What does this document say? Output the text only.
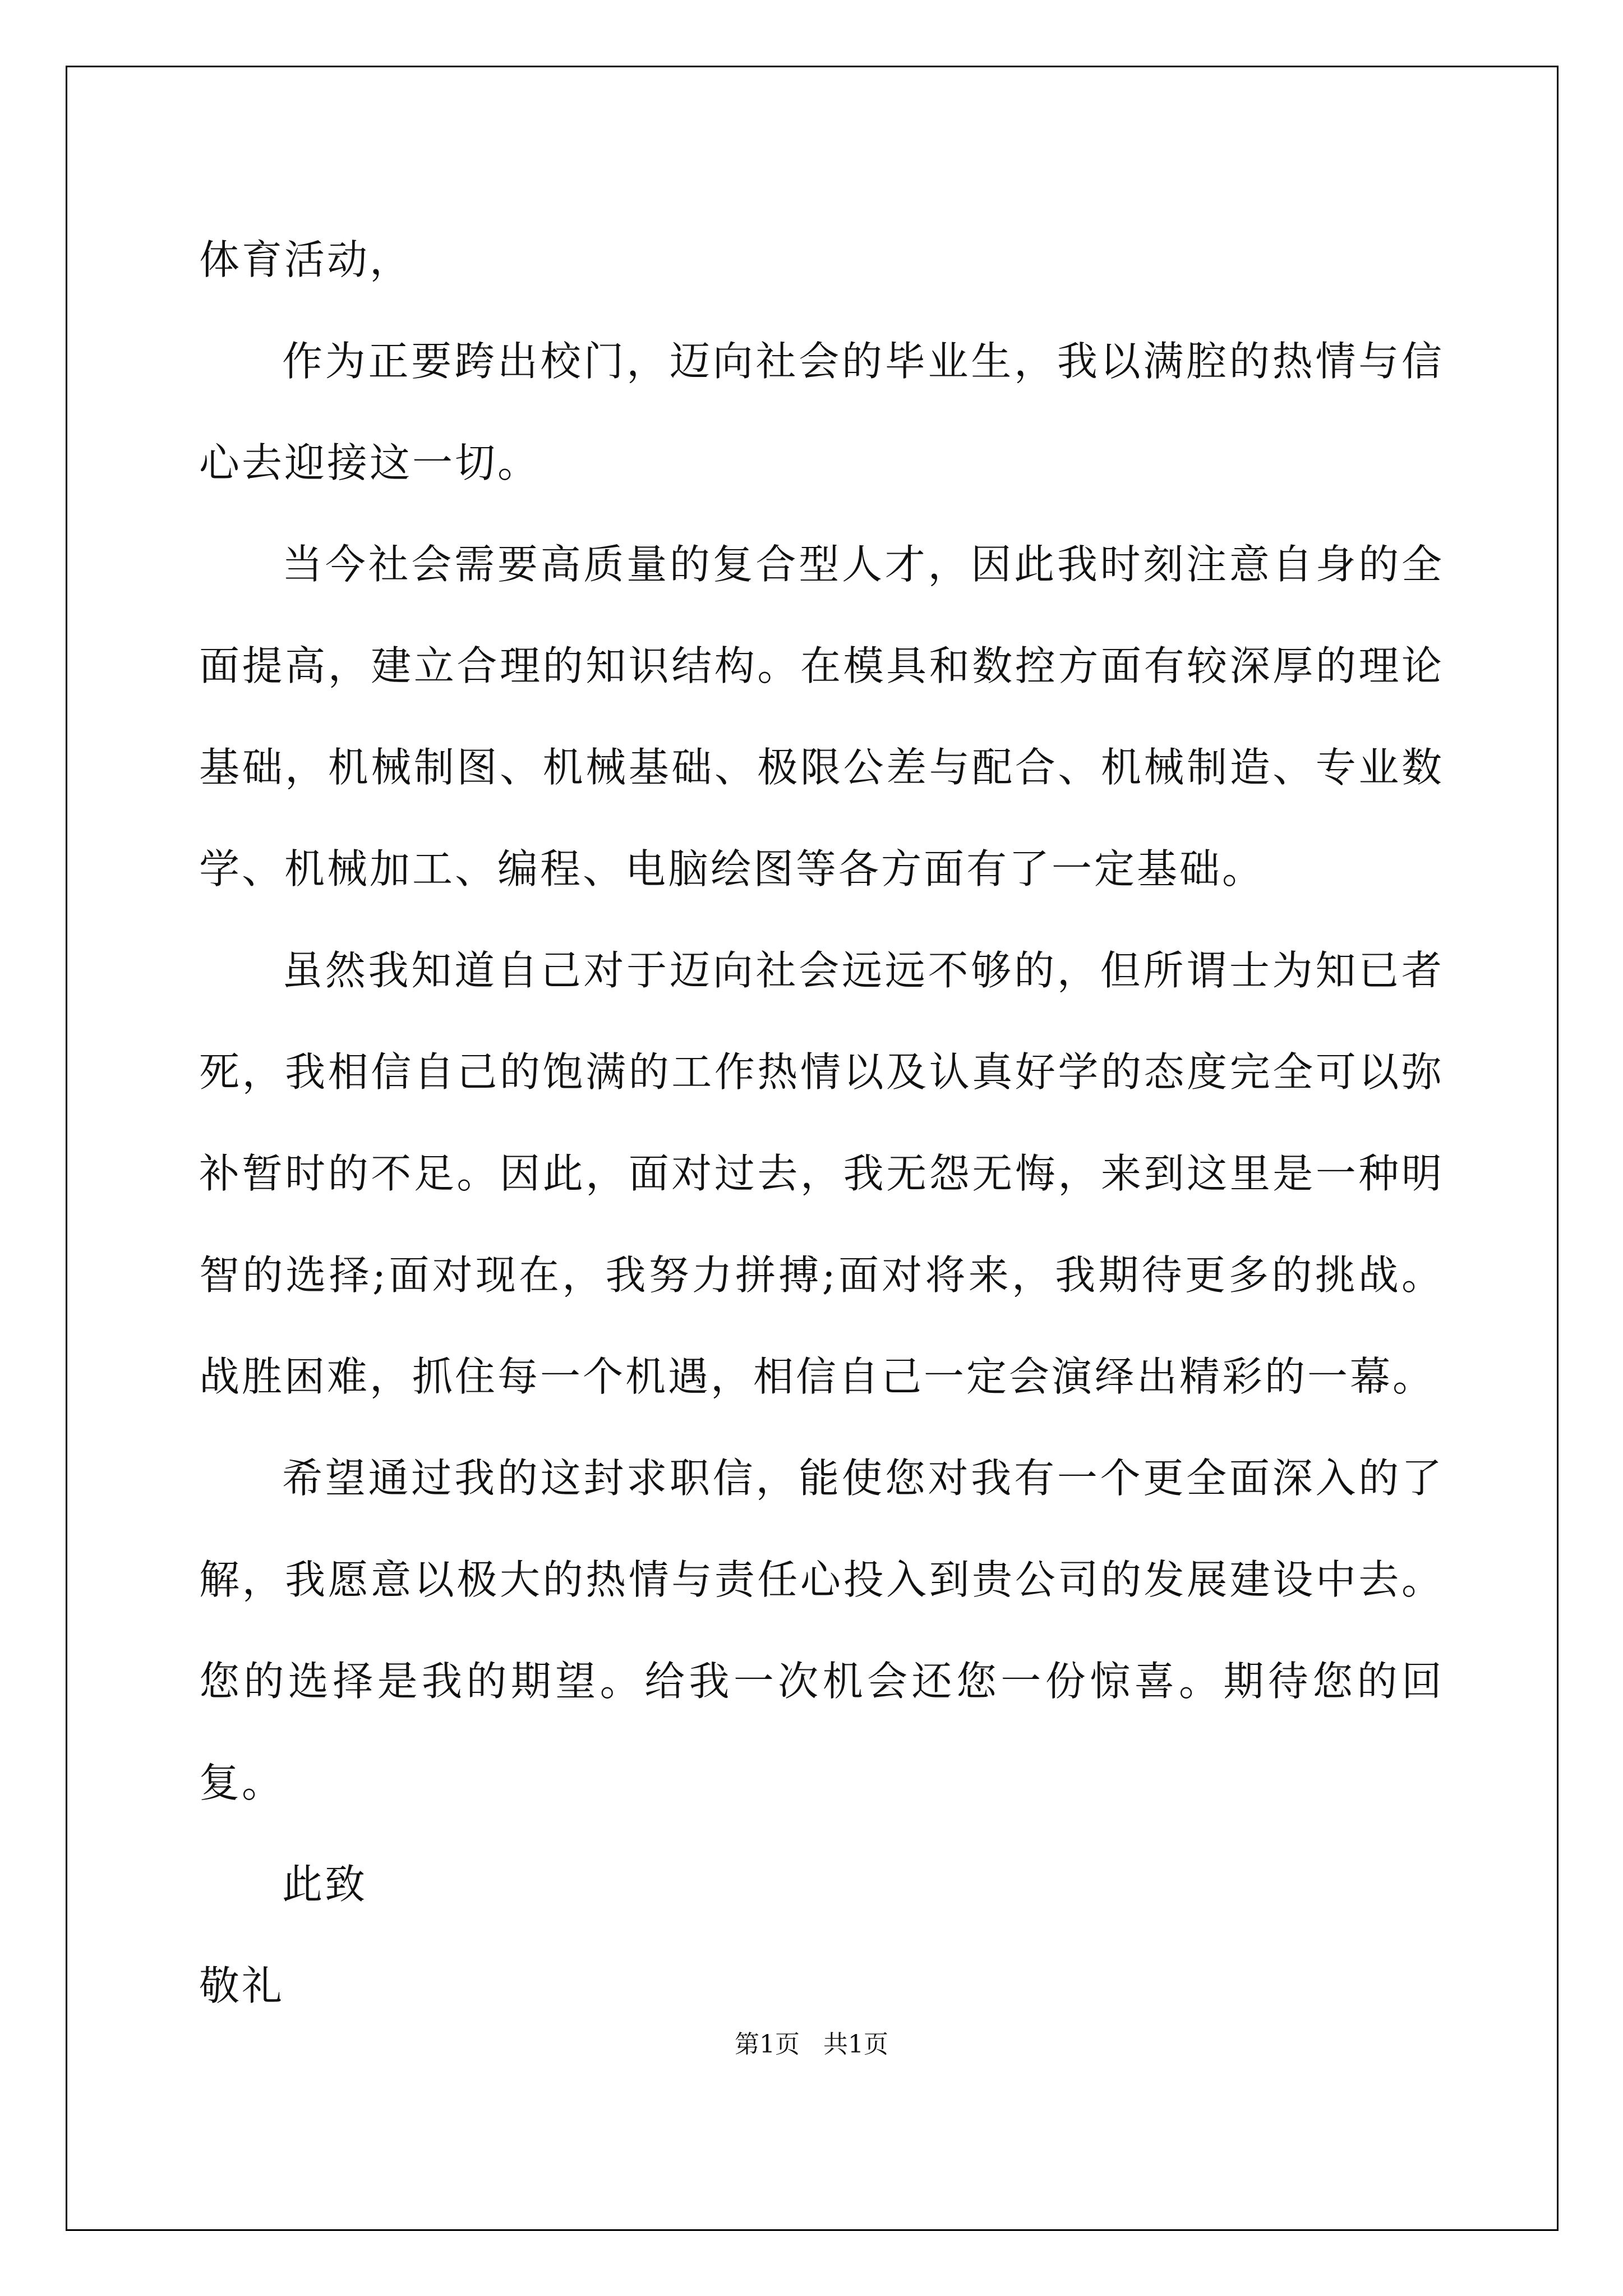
体育活动，

作为正要跨出校门，迈向社会的毕业生，我以满腔的热情与信心去迎接这一切。

当今社会需要高质量的复合型人才，因此我时刻注意自身的全面提高，建立合理的知识结构。在模具和数控方面有较深厚的理论基础，机械制图、机械基础、极限公差与配合、机械制造、专业数学、机械加工、编程、电脑绘图等各方面有了一定基础。

虽然我知道自己对于迈向社会远远不够的，但所谓士为知已者死，我相信自己的饱满的工作热情以及认真好学的态度完全可以弥补暂时的不足。因此，面对过去，我无怨无悔，来到这里是一种明智的选择;面对现在，我努力拼搏;面对将来，我期待更多的挑战。战胜困难，抓住每一个机遇，相信自己一定会演绎出精彩的一幕。

希望通过我的这封求职信，能使您对我有一个更全面深入的了解，我愿意以极大的热情与责任心投入到贵公司的发展建设中去。您的选择是我的期望。给我一次机会还您一份惊喜。期待您的回复。

此致

敬礼

第1页   共1页
